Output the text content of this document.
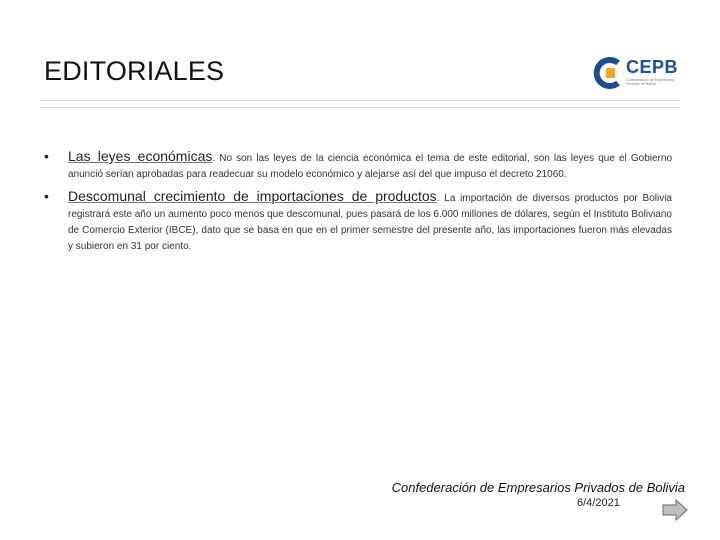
EDITORIALES	CEPB
Confederación de Empresarios Privados de Bolivia
• Las leyes económicas. No son las leyes de la ciencia económica el tema de este editorial, son las leyes que el Gobierno anunció serían aprobadas para readecuar su modelo económico y alejarse así del que impuso el decreto 21060.
• Descomunal crecimiento de importaciones de productos. La importación de diversos productos por Bolivia registrará este año un aumento poco menos que descomunal, pues pasará de los 6.000 millones de dólares, según el Instituto Boliviano de Comercio Exterior (IBCE), dato que se basa en que en el primer semestre del presente año, las importaciones fueron más elevadas y subieron en 31 por ciento.
Confederación de Empresarios Privados de Bolivia
6/4/2021
